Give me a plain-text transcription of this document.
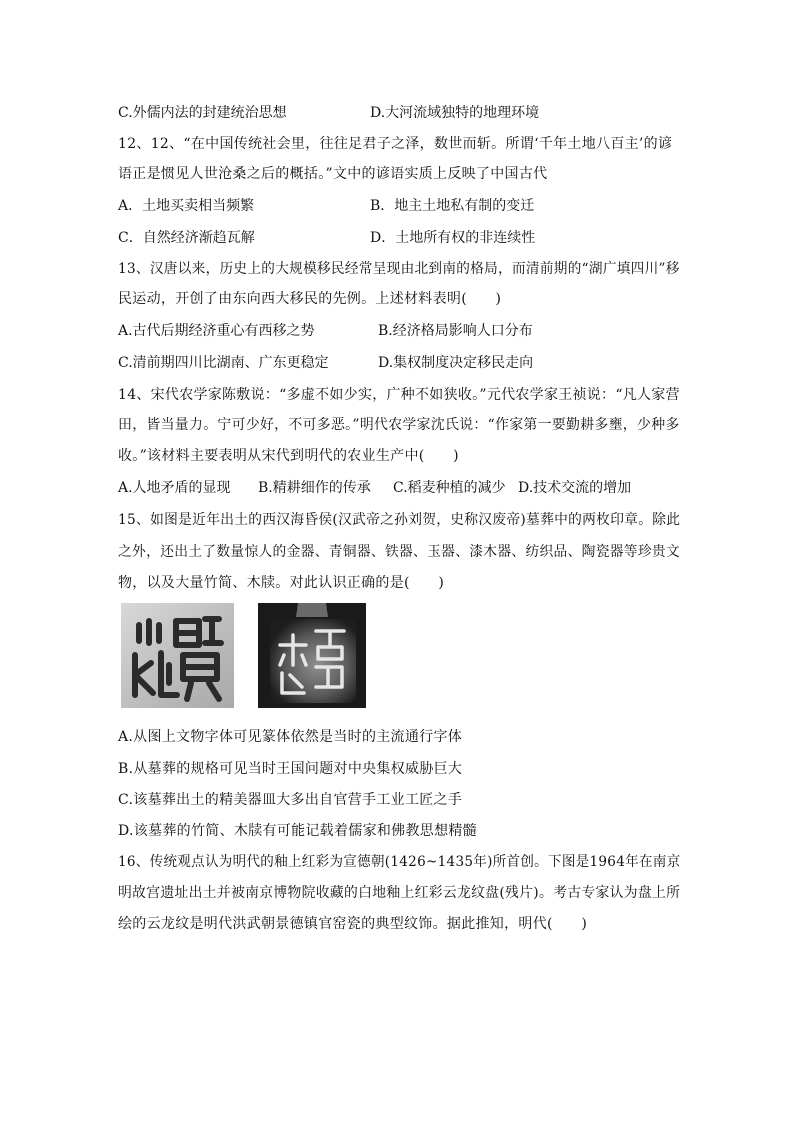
C.外儒内法的封建统治思想	D.大河流域独特的地理环境
12、12、“在中国传统社会里，往往足君子之泽，数世而斩。所谓‘千年土地八百主’的谚
语正是惯见人世沧桑之后的概括。”文中的谚语实质上反映了中国古代
A．土地买卖相当频繁	B．地主土地私有制的变迁
C．自然经济渐趋瓦解	D．土地所有权的非连续性
13、汉唐以来，历史上的大规模移民经常呈现由北到南的格局，而清前期的“湖广填四川”移
民运动，开创了由东向西大移民的先例。上述材料表明(　　)
A.古代后期经济重心有西移之势	B.经济格局影响人口分布
C.清前期四川比湖南、广东更稳定	D.集权制度决定移民走向
14、宋代农学家陈敷说：“多虚不如少实，广种不如狭收。”元代农学家王祯说：“凡人家营
田，皆当量力。宁可少好，不可多恶。”明代农学家沈氏说：“作家第一要勤耕多壅，少种多
收。”该材料主要表明从宋代到明代的农业生产中(　　)
A.人地矛盾的显现 B.精耕细作的传承 C.稻麦种植的减少 D.技术交流的增加
15、如图是近年出土的西汉海昏侯(汉武帝之孙刘贺，史称汉废帝)墓葬中的两枚印章。除此
之外，还出土了数量惊人的金器、青铜器、铁器、玉器、漆木器、纺织品、陶瓷器等珍贵文
物，以及大量竹简、木牍。对此认识正确的是(　　)
A.从图上文物字体可见篆体依然是当时的主流通行字体
B.从墓葬的规格可见当时王国问题对中央集权威胁巨大
C.该墓葬出土的精美器皿大多出自官营手工业工匠之手
D.该墓葬的竹简、木牍有可能记载着儒家和佛教思想精髓
16、传统观点认为明代的釉上红彩为宣德朝(1426~1435年)所首创。下图是1964年在南京
明故宫遗址出土并被南京博物院收藏的白地釉上红彩云龙纹盘(残片)。考古专家认为盘上所
绘的云龙纹是明代洪武朝景德镇官窑瓷的典型纹饰。据此推知，明代(　　)
